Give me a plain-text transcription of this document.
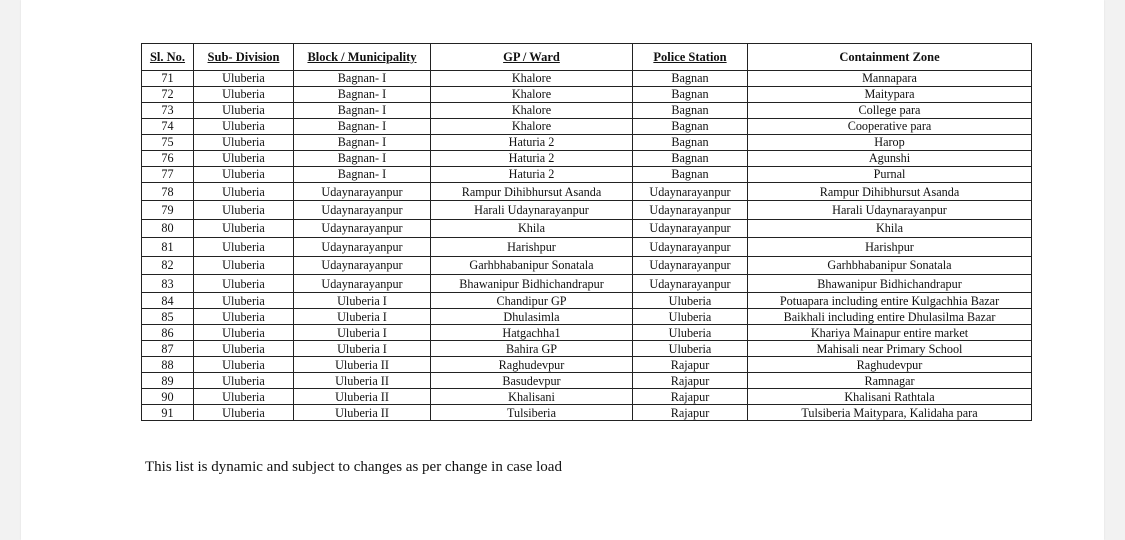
Sl. No.	Sub- Division	Block / Municipality	GP / Ward	Police Station	Containment Zone
71	Uluberia	Bagnan- I	Khalore	Bagnan	Mannapara
72	Uluberia	Bagnan- I	Khalore	Bagnan	Maitypara
73	Uluberia	Bagnan- I	Khalore	Bagnan	College para
74	Uluberia	Bagnan- I	Khalore	Bagnan	Cooperative para
75	Uluberia	Bagnan- I	Haturia 2	Bagnan	Harop
76	Uluberia	Bagnan- I	Haturia 2	Bagnan	Agunshi
77	Uluberia	Bagnan- I	Haturia 2	Bagnan	Purnal
78	Uluberia	Udaynarayanpur	Rampur Dihibhursut Asanda	Udaynarayanpur	Rampur Dihibhursut Asanda
79	Uluberia	Udaynarayanpur	Harali Udaynarayanpur	Udaynarayanpur	Harali Udaynarayanpur
80	Uluberia	Udaynarayanpur	Khila	Udaynarayanpur	Khila
81	Uluberia	Udaynarayanpur	Harishpur	Udaynarayanpur	Harishpur
82	Uluberia	Udaynarayanpur	Garhbhabanipur Sonatala	Udaynarayanpur	Garhbhabanipur Sonatala
83	Uluberia	Udaynarayanpur	Bhawanipur Bidhichandrapur	Udaynarayanpur	Bhawanipur Bidhichandrapur
84	Uluberia	Uluberia I	Chandipur GP	Uluberia	Potuapara including entire Kulgachhia Bazar
85	Uluberia	Uluberia I	Dhulasimla	Uluberia	Baikhali including entire Dhulasilma Bazar
86	Uluberia	Uluberia I	Hatgachha1	Uluberia	Khariya Mainapur entire market
87	Uluberia	Uluberia I	Bahira GP	Uluberia	Mahisali near Primary School
88	Uluberia	Uluberia II	Raghudevpur	Rajapur	Raghudevpur
89	Uluberia	Uluberia II	Basudevpur	Rajapur	Ramnagar
90	Uluberia	Uluberia II	Khalisani	Rajapur	Khalisani Rathtala
91	Uluberia	Uluberia II	Tulsiberia	Rajapur	Tulsiberia Maitypara, Kalidaha para
This list is dynamic and subject to changes as per change in case load
